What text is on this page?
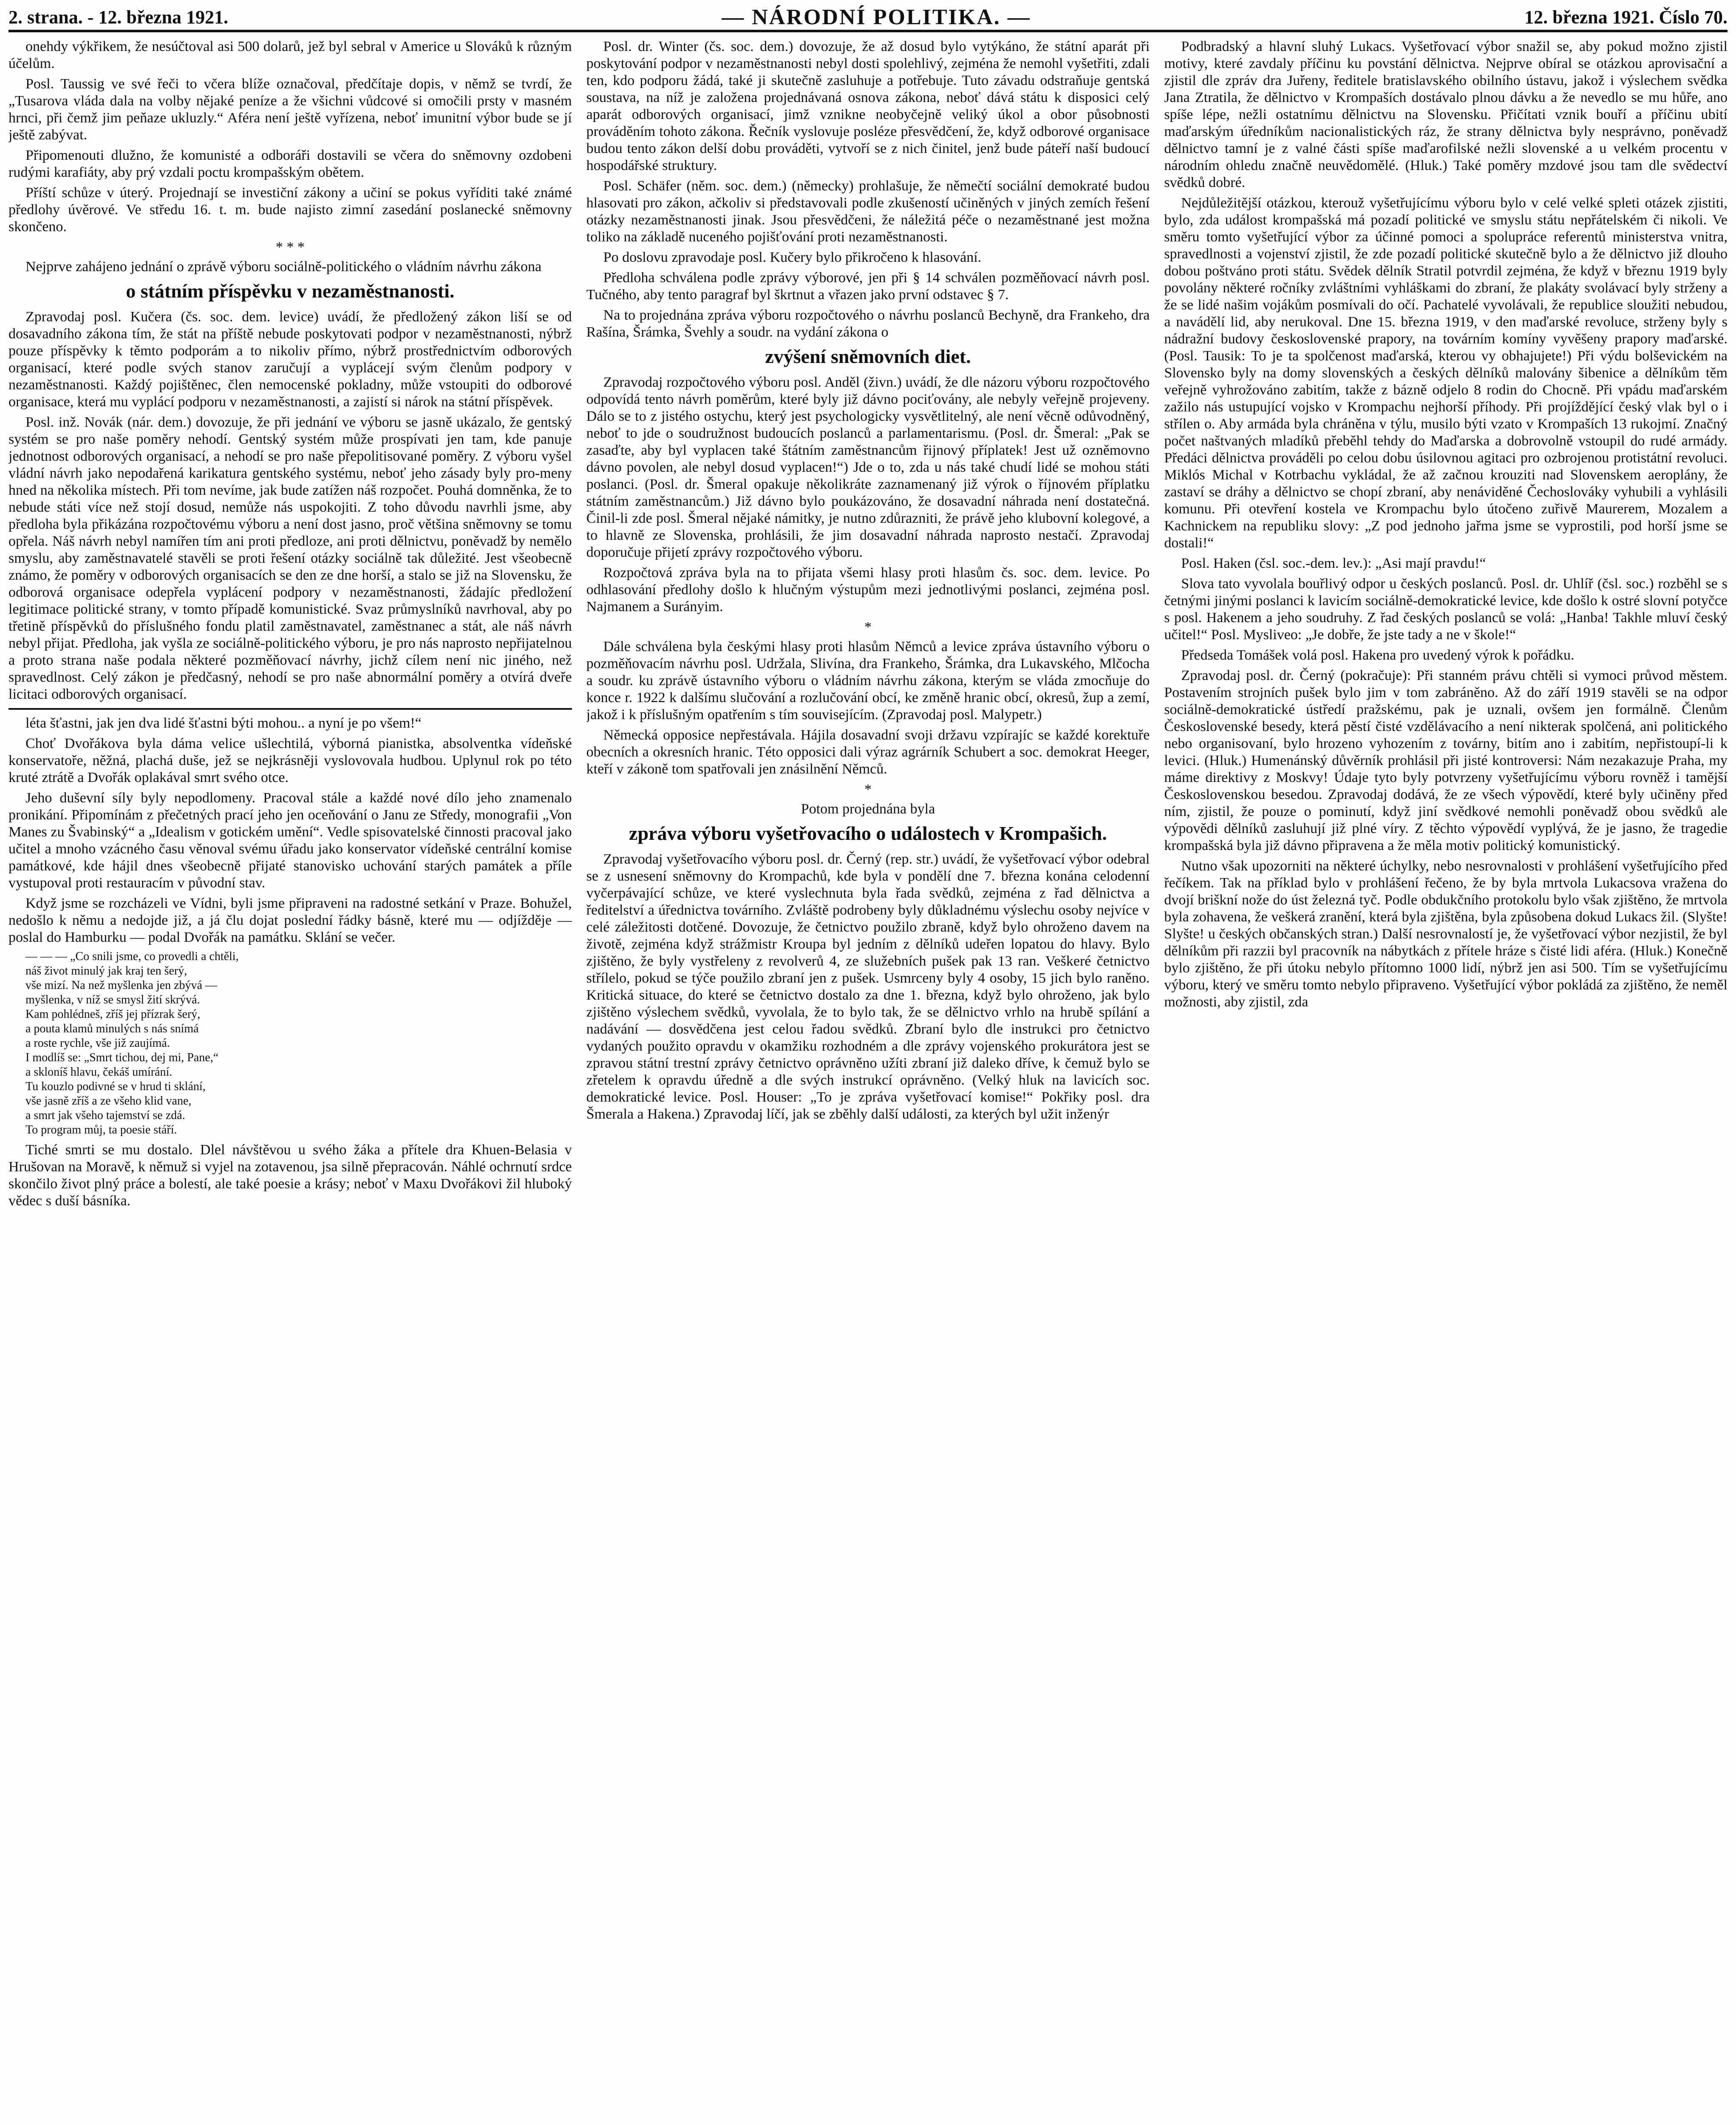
2. strana. ‑ 12. března 1921.	— NÁRODNÍ POLITIKA. —	12. března 1921. Číslo 70.

onehdy výkřikem, že nesúčtoval asi 500 dolarů, jež byl sebral v Americe u Slováků k různým účelům.

Posl. Taussig ve své řeči to včera blíže označoval, předčítaje dopis, v němž se tvrdí, že „Tusarova vláda dala na volby nějaké peníze a že všichni vůdcové si omočili prsty v masném hrnci, při čemž jim peňaze ukluzly.“ Aféra není ještě vyřízena, neboť imunitní výbor bude se jí ještě zabývat.

Připomenouti dlužno, že komunisté a odboráři dostavili se včera do sněmovny ozdobeni rudými karafiáty, aby prý vzdali poctu krompašským obětem.

Příští schůze v úterý. Projednají se investiční zákony a učiní se pokus vyříditi také známé předlohy úvěrové. Ve středu 16. t. m. bude najisto zimní zasedání poslanecké sněmovny skončeno.

* * *

Nejprve zahájeno jednání o zprávě výboru sociálně-politického o vládním návrhu zákona

o státním příspěvku v nezaměstnanosti.

Zpravodaj posl. Kučera (čs. soc. dem. levice) uvádí, že předložený zákon liší se od dosavadního zákona tím, že stát na příště nebude poskytovati podpor v nezaměstnanosti, nýbrž pouze příspěvky k těmto podporám a to nikoliv přímo, nýbrž prostřednictvím odborových organisací, které podle svých stanov zaručují a vyplácejí svým členům podpory v nezaměstnanosti. Každý pojištěnec, člen nemocenské pokladny, může vstoupiti do odborové organisace, která mu vyplácí podporu v nezaměstnanosti, a zajistí si nárok na státní příspěvek.

Posl. inž. Novák (nár. dem.) dovozuje, že při jednání ve výboru se jasně ukázalo, že gentský systém se pro naše poměry nehodí. Gentský systém může prospívati jen tam, kde panuje jednotnost odborových organisací, a nehodí se pro naše přepolitisované poměry. Z výboru vyšel vládní návrh jako nepodařená karikatura gentského systému, neboť jeho zásady byly pro-meny hned na několika místech. Při tom nevíme, jak bude zatížen náš rozpočet. Pouhá domněnka, že to nebude státi více než stojí dosud, nemůže nás uspokojiti. Z toho důvodu navrhli jsme, aby předloha byla přikázána rozpočtovému výboru a není dost jasno, proč většina sněmovny se tomu opřela. Náš návrh nebyl namířen tím ani proti předloze, ani proti dělnictvu, poněvadž by nemělo smyslu, aby zaměstnavatelé stavěli se proti řešení otázky sociálně tak důležité. Jest všeobecně známo, že poměry v odborových organisacích se den ze dne horší, a stalo se již na Slovensku, že odborová organisace odepřela vyplácení podpory v nezaměstnanosti, žádajíc předložení legitimace politické strany, v tomto případě komunistické. Svaz průmyslníků navrhoval, aby po třetině příspěvků do příslušného fondu platil zaměstnavatel, zaměstnanec a stát, ale náš návrh nebyl přijat. Předloha, jak vyšla ze sociálně-politického výboru, je pro nás naprosto nepřijatelnou a proto strana naše podala některé pozměňovací návrhy, jichž cílem není nic jiného, než spravedlnost. Celý zákon je předčasný, nehodí se pro naše abnormální poměry a otvírá dveře licitaci odborových organisací.

léta šťastni, jak jen dva lidé šťastni býti mohou.. a nyní je po všem!“

Choť Dvořákova byla dáma velice ušlechtilá, výborná pianistka, absolventka vídeňské konservatoře, něžná, plachá duše, jež se nejkrásněji vyslovovala hudbou. Uplynul rok po této kruté ztrátě a Dvořák oplakával smrt svého otce.

Jeho duševní síly byly nepodlomeny. Pracoval stále a každé nové dílo jeho znamenalo pronikání. Připomínám z přečetných prací jeho jen oceňování o Janu ze Středy, monografii „Von Manes zu Švabinský“ a „Idealism v gotickém umění“. Vedle spisovatelské činnosti pracoval jako učitel a mnoho vzácného času věnoval svému úřadu jako konservator vídeňské centrální komise památkové, kde hájil dnes všeobecně přijaté stanovisko uchování starých památek a příle vystupoval proti restauracím v původní stav.

Když jsme se rozcházeli ve Vídni, byli jsme připraveni na radostné setkání v Praze. Bohužel, nedošlo k němu a nedojde již, a já člu dojat poslední řádky básně, které mu — odjížděje — poslal do Hamburku — podal Dvořák na památku. Sklání se večer.

— — — „Co snili jsme, co provedli a chtěli,
náš život minulý jak kraj ten šerý,
vše mizí. Na než myšlenka jen zbývá —
myšlenka, v níž se smysl žití skrývá.
Kam pohlédneš, zříš jej přízrak šerý,
a pouta klamů minulých s nás snímá
a roste rychle, vše již zaujímá.
I modlíš se: „Smrt tichou, dej mi, Pane,“
a skloníš hlavu, čekáš umírání.
Tu kouzlo podivné se v hrud ti sklání,
vše jasně zříš a ze všeho klid vane,
a smrt jak všeho tajemství se zdá.
To program můj, ta poesie stáří.

Tiché smrti se mu dostalo. Dlel návštěvou u svého žáka a přítele dra Khuen-Belasia v Hrušovan na Moravě, k němuž si vyjel na zotavenou, jsa silně přepracován. Náhlé ochrnutí srdce skončilo život plný práce a bolestí, ale také poesie a krásy; neboť v Maxu Dvořákovi žil hluboký vědec s duší básníka.

Posl. dr. Winter (čs. soc. dem.) dovozuje, že až dosud bylo vytýkáno, že státní aparát při poskytování podpor v nezaměstnanosti nebyl dosti spolehlivý, zejména že nemohl vyšetřiti, zdali ten, kdo podporu žádá, také ji skutečně zasluhuje a potřebuje. Tuto závadu odstraňuje gentská soustava, na níž je založena projednávaná osnova zákona, neboť dává státu k disposici celý aparát odborových organisací, jimž vznikne neobyčejně veliký úkol a obor působnosti prováděním tohoto zákona. Řečník vyslovuje posléze přesvědčení, že, když odborové organisace budou tento zákon delší dobu prováděti, vytvoří se z nich činitel, jenž bude páteří naší budoucí hospodářské struktury.

Posl. Schäfer (něm. soc. dem.) (německy) prohlašuje, že němečtí sociální demokraté budou hlasovati pro zákon, ačkoliv si představovali podle zkušeností učiněných v jiných zemích řešení otázky nezaměstnanosti jinak. Jsou přesvědčeni, že náležitá péče o nezaměstnané jest možna toliko na základě nuceného pojišťování proti nezaměstnanosti.

Po doslovu zpravodaje posl. Kučery bylo přikročeno k hlasování.

Předloha schválena podle zprávy výborové, jen při § 14 schválen pozměňovací návrh posl. Tučného, aby tento paragraf byl škrtnut a vřazen jako první odstavec § 7.

Na to projednána zpráva výboru rozpočtového o návrhu poslanců Bechyně, dra Frankeho, dra Rašína, Šrámka, Švehly a soudr. na vydání zákona o

zvýšení sněmovních diet.

Zpravodaj rozpočtového výboru posl. Anděl (živn.) uvádí, že dle názoru výboru rozpočtového odpovídá tento návrh poměrům, které byly již dávno pociťovány, ale nebyly veřejně projeveny. Dálo se to z jistého ostychu, který jest psychologicky vysvětlitelný, ale není věcně odůvodněný, neboť to jde o soudružnost budoucích poslanců a parlamentarismu. (Posl. dr. Šmeral: „Pak se zasaďte, aby byl vyplacen také štátním zaměstnancům řijnový příplatek! Jest už ozněmovno dávno povolen, ale nebyl dosud vyplacen!“) Jde o to, zda u nás také chudí lidé se mohou státi poslanci. (Posl. dr. Šmeral opakuje několikráte zaznamenaný již výrok o říjnovém příplatku státním zaměstnancům.) Již dávno bylo poukázováno, že dosavadní náhrada není dostatečná. Činil-li zde posl. Šmeral nějaké námitky, je nutno zdůrazniti, že právě jeho klubovní kolegové, a to hlavně ze Slovenska, prohlásili, že jim dosavadní náhrada naprosto nestačí. Zpravodaj doporučuje přijetí zprávy rozpočtového výboru.

Rozpočtová zpráva byla na to přijata všemi hlasy proti hlasům čs. soc. dem. levice. Po odhlasování předlohy došlo k hlučným výstupům mezi jednotlivými poslanci, zejména posl. Najmanem a Surányim.

*

Dále schválena byla českými hlasy proti hlasům Němců a levice zpráva ústavního výboru o pozměňovacím návrhu posl. Udržala, Slivína, dra Frankeho, Šrámka, dra Lukavského, Mlčocha a soudr. ku zprávě ústavního výboru o vládním návrhu zákona, kterým se vláda zmocňuje do konce r. 1922 k dalšímu slučování a rozlučování obcí, ke změně hranic obcí, okresů, žup a zemí, jakož i k příslušným opatřením s tím souvisejícím. (Zpravodaj posl. Malypetr.)

Německá opposice nepřestávala. Hájila dosavadní svoji državu vzpírajíc se každé korektuře obecních a okresních hranic. Této opposici dali výraz agrárník Schubert a soc. demokrat Heeger, kteří v zákoně tom spatřovali jen znásilnění Němců.

*

Potom projednána byla

zpráva výboru vyšetřovacího o událostech v Krompašich.

Zpravodaj vyšetřovacího výboru posl. dr. Černý (rep. str.) uvádí, že vyšetřovací výbor odebral se z usnesení sněmovny do Krompachů, kde byla v pondělí dne 7. března konána celodenní vyčerpávající schůze, ve které vyslechnuta byla řada svědků, zejména z řad dělnictva a ředitelství a úřednictva továrního. Zvláště podrobeny byly důkladnému výslechu osoby nejvíce v celé záležitosti dotčené. Dovozuje, že četnictvo použilo zbraně, když bylo ohroženo davem na životě, zejména když strážmistr Kroupa byl jedním z dělníků udeřen lopatou do hlavy. Bylo zjištěno, že byly vystřeleny z revolverů 4, ze služebních pušek pak 13 ran. Veškeré četnictvo střílelo, pokud se týče použilo zbraní jen z pušek. Usmrceny byly 4 osoby, 15 jich bylo raněno. Kritická situace, do které se četnictvo dostalo za dne 1. března, když bylo ohroženo, jak bylo zjištěno výslechem svědků, vyvolala, že to bylo tak, že se dělnictvo vrhlo na hrubě spílání a nadávání — dosvědčena jest celou řadou svědků. Zbraní bylo dle instrukci pro četnictvo vydaných použito opravdu v okamžiku rozhodném a dle zprávy vojenského prokurátora jest se zpravou státní trestní zprávy četnictvo oprávněno užíti zbraní již daleko dříve, k čemuž bylo se zřetelem k opravdu úředně a dle svých instrukcí oprávněno. (Velký hluk na lavicích soc. demokratické levice. Posl. Houser: „To je zpráva vyšetřovací komise!“ Pokřiky posl. dra Šmerala a Hakena.) Zpravodaj líčí, jak se zběhly další události, za kterých byl užit inženýr

Podbradský a hlavní sluhý Lukacs. Vyšetřovací výbor snažil se, aby pokud možno zjistil motivy, které zavdaly příčinu ku povstání dělnictva. Nejprve obíral se otázkou aprovisační a zjistil dle zpráv dra Juřeny, ředitele bratislavského obilního ústavu, jakož i výslechem svědka Jana Ztratila, že dělnictvo v Krompaších dostávalo plnou dávku a že nevedlo se mu hůře, ano spíše lépe, nežli ostatnímu dělnictvu na Slovensku. Přičítati vznik bouří a příčinu ubití maďarským úředníkům nacionalistických ráz, že strany dělnictva byly nesprávno, poněvadž dělnictvo tamní je z valné části spíše maďarofilské nežli slovenské a u velkém procentu v národním ohledu značně neuvědomělé. (Hluk.) Také poměry mzdové jsou tam dle svědectví svědků dobré.

Nejdůležitější otázkou, kterouž vyšetřujícímu výboru bylo v celé velké spleti otázek zjistiti, bylo, zda událost krompašská má pozadí politické ve smyslu státu nepřátelském či nikoli. Ve směru tomto vyšetřující výbor za účinné pomoci a spolupráce referentů ministerstva vnitra, spravedlnosti a vojenství zjistil, že zde pozadí politické skutečně bylo a že dělnictvo již dlouho dobou poštváno proti státu. Svědek dělník Stratil potvrdil zejména, že když v březnu 1919 byly povolány některé ročníky zvláštními vyhláškami do zbraní, že plakáty svolávací byly strženy a že se lidé našim vojákům posmívali do očí. Pachatelé vyvolávali, že republice sloužiti nebudou, a navádělí lid, aby nerukoval. Dne 15. března 1919, v den maďarské revoluce, strženy byly s nádražní budovy československé prapory, na továrním komíny vyvěšeny prapory maďarské. (Posl. Tausik: To je ta spolčenost maďarská, kterou vy obhajujete!) Při výdu bolševickém na Slovensko byly na domy slovenských a českých dělníků malovány šibenice a dělníkům těm veřejně vyhrožováno zabitím, takže z bázně odjelo 8 rodin do Chocně. Při vpádu maďarském zažilo nás ustupující vojsko v Krompachu nejhorší příhody. Při projíždějící český vlak byl o i střílen o. Aby armáda byla chráněna v týlu, musilo býti vzato v Krompaších 13 rukojmí. Značný počet naštvaných mladíků přeběhl tehdy do Maďarska a dobrovolně vstoupil do rudé armády. Předáci dělnictva prováděli po celou dobu úsilovnou agitaci pro ozbrojenou protistátní revoluci. Miklós Michal v Kotrbachu vykládal, že až začnou krouziti nad Slovenskem aeroplány, že zastaví se dráhy a dělnictvo se chopí zbraní, aby nenáviděné Čechoslováky vyhubili a vyhlásili komunu. Při otevření kostela ve Krompachu bylo útočeno zuřivě Maurerem, Mozalem a Kachnickem na republiku slovy: „Z pod jednoho jařma jsme se vyprostili, pod horší jsme se dostali!“

Posl. Haken (čsl. soc.-dem. lev.): „Asi mají pravdu!“

Slova tato vyvolala bouřlivý odpor u českých poslanců. Posl. dr. Uhlíř (čsl. soc.) rozběhl se s četnými jinými poslanci k lavicím sociálně-demokratické levice, kde došlo k ostré slovní potyčce s posl. Hakenem a jeho soudruhy. Z řad českých poslanců se volá: „Hanba! Takhle mluví český učitel!“ Posl. Mysliveo: „Je dobře, že jste tady a ne v škole!“

Předseda Tomášek volá posl. Hakena pro uvedený výrok k pořádku.

Zpravodaj posl. dr. Černý (pokračuje): Při stanném právu chtěli si vymoci průvod městem. Postavením strojních pušek bylo jim v tom zabráněno. Až do září 1919 stavěli se na odpor sociálně-demokratické ústředí pražskému, pak je uznali, ovšem jen formálně. Členům Československé besedy, která pěstí čisté vzdělávacího a není nikterak spolčená, ani politického nebo organisovaní, bylo hrozeno vyhozením z továrny, bitím ano i zabitím, nepřistoupí-li k levici. (Hluk.) Humenánský důvěrník prohlásil při jisté kontroversi: Nám nezakazuje Praha, my máme direktivy z Moskvy! Údaje tyto byly potvrzeny vyšetřujícímu výboru rovněž i tamější Československou besedou. Zpravodaj dodává, že ze všech výpovědí, které byly učiněny před ním, zjistil, že pouze o pominutí, když jiní svědkové nemohli poněvadž obou svědků ale výpovědi dělníků zasluhují již plné víry. Z těchto výpovědí vyplývá, že je jasno, že tragedie krompašská byla již dávno připravena a že měla motiv politický komunistický.

Nutno však upozorniti na některé úchylky, nebo nesrovnalosti v prohlášení vyšetřujícího před řečíkem. Tak na příklad bylo v prohlášení řečeno, že by byla mrtvola Lukacsova vražena do dvojí briškní nože do úst železná tyč. Podle obdukčního protokolu bylo však zjištěno, že mrtvola byla zohavena, že veškerá zranění, která byla zjištěna, byla způsobena dokud Lukacs žil. (Slyšte! Slyšte! u českých občanských stran.) Další nesrovnalostí je, že vyšetřovací výbor nezjistil, že byl dělníkům při razzii byl pracovník na nábytkách z přítele hráze s čisté lidi aféra. (Hluk.) Konečně bylo zjištěno, že při útoku nebylo přítomno 1000 lidí, nýbrž jen asi 500. Tím se vyšetřujícímu výboru, který ve směru tomto nebylo připraveno. Vyšetřující výbor pokládá za zjištěno, že neměl možnosti, aby zjistil, zda
